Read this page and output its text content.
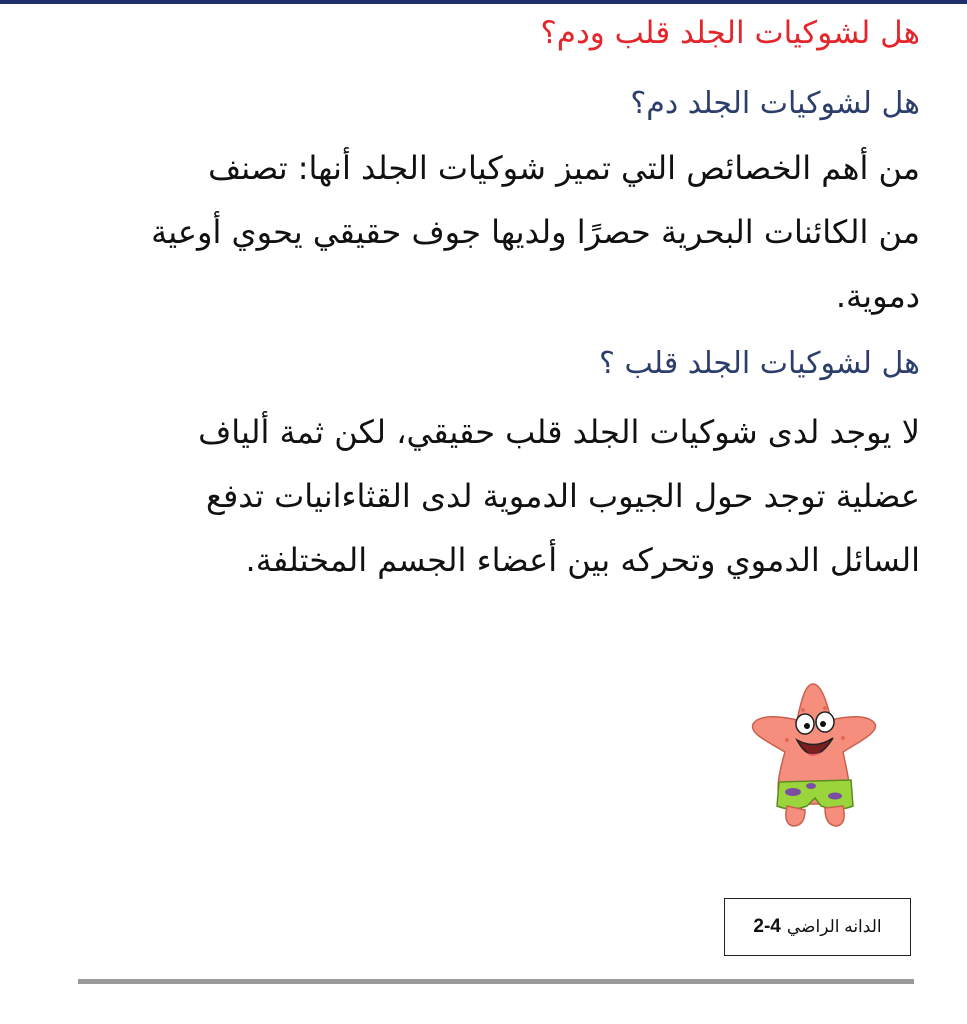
هل لشوكيات الجلد قلب ودم؟
هل لشوكيات الجلد دم؟
من أهم الخصائص التي تميز شوكيات الجلد أنها: تصنف
من الكائنات البحرية حصرًا ولديها جوف حقيقي يحوي أوعية
دموية.
هل لشوكيات الجلد قلب ؟
لا يوجد لدى شوكيات الجلد قلب حقيقي، لكن ثمة ألياف
عضلية توجد حول الجيوب الدموية لدى القثاءانيات تدفع
السائل الدموي وتحركه بين أعضاء الجسم المختلفة.
الدانه الراضي
2-4
